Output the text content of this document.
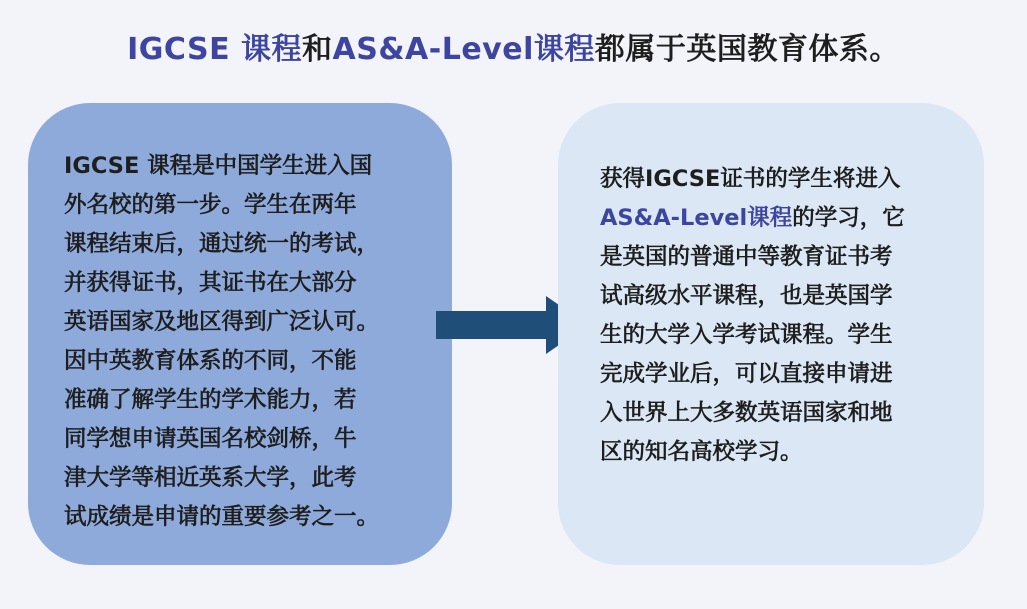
IGCSE 课程和AS&A-Level课程都属于英国教育体系。

IGCSE 课程是中国学生进入国
外名校的第一步。学生在两年
课程结束后，通过统一的考试，
并获得证书，其证书在大部分
英语国家及地区得到广泛认可。
因中英教育体系的不同，不能
准确了解学生的学术能力，若
同学想申请英国名校剑桥，牛
津大学等相近英系大学，此考
试成绩是申请的重要参考之一。

获得IGCSE证书的学生将进入
AS&A-Level课程的学习，它
是英国的普通中等教育证书考
试高级水平课程，也是英国学
生的大学入学考试课程。学生
完成学业后，可以直接申请进
入世界上大多数英语国家和地
区的知名高校学习。
